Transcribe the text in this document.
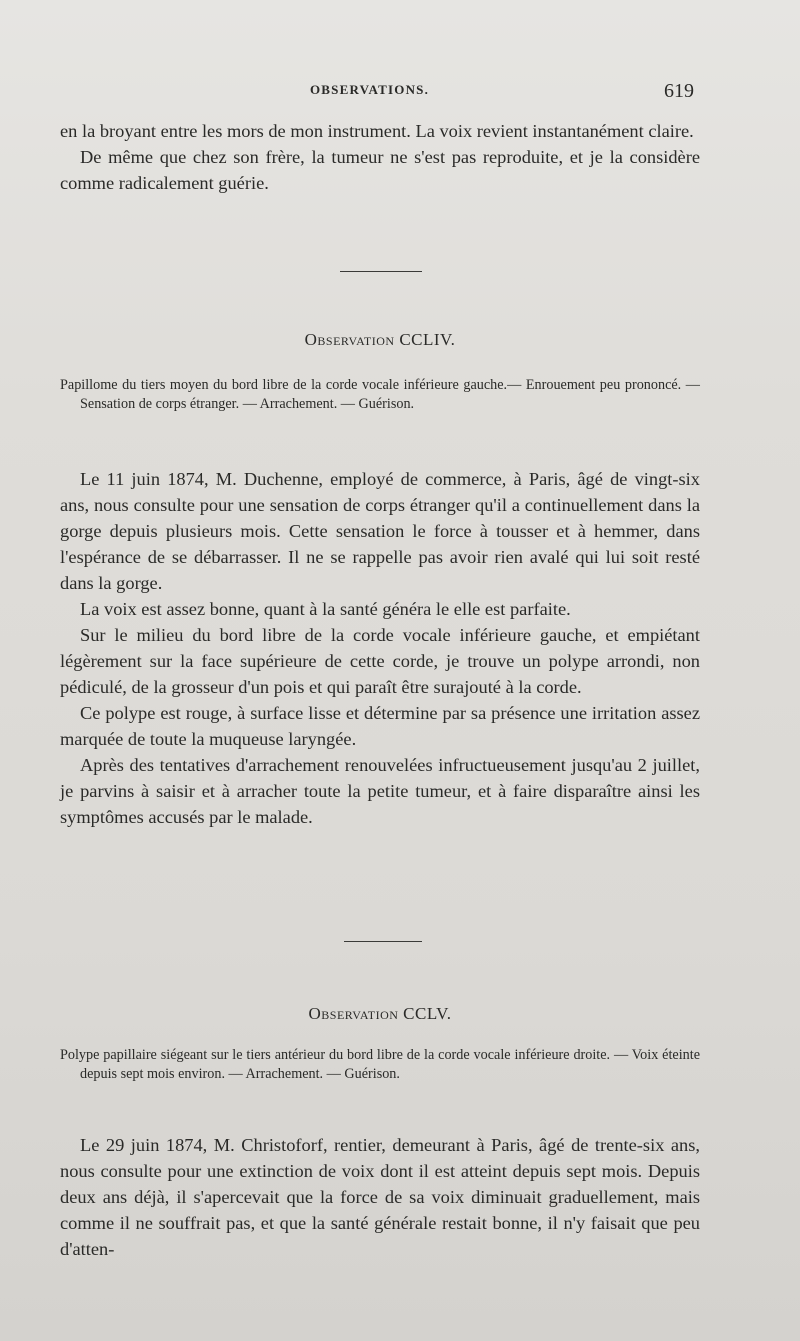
OBSERVATIONS.	619

en la broyant entre les mors de mon instrument. La voix revient instantanément claire.

De même que chez son frère, la tumeur ne s'est pas reproduite, et je la considère comme radicalement guérie.

Observation CCLIV.
Papillome du tiers moyen du bord libre de la corde vocale inférieure gauche.— Enrouement peu prononcé. — Sensation de corps étranger. — Arrachement. — Guérison.

Le 11 juin 1874, M. Duchenne, employé de commerce, à Paris, âgé de vingt-six ans, nous consulte pour une sensation de corps étranger qu'il a continuellement dans la gorge depuis plusieurs mois. Cette sensation le force à tousser et à hemmer, dans l'espérance de se débarrasser. Il ne se rappelle pas avoir rien avalé qui lui soit resté dans la gorge.

La voix est assez bonne, quant à la santé généra le elle est parfaite.

Sur le milieu du bord libre de la corde vocale inférieure gauche, et empiétant légèrement sur la face supérieure de cette corde, je trouve un polype arrondi, non pédiculé, de la grosseur d'un pois et qui paraît être surajouté à la corde.

Ce polype est rouge, à surface lisse et détermine par sa présence une irritation assez marquée de toute la muqueuse laryngée.

Après des tentatives d'arrachement renouvelées infructueusement jusqu'au 2 juillet, je parvins à saisir et à arracher toute la petite tumeur, et à faire disparaître ainsi les symptômes accusés par le malade.

Observation CCLV.
Polype papillaire siégeant sur le tiers antérieur du bord libre de la corde vocale inférieure droite. — Voix éteinte depuis sept mois environ. — Arrachement. — Guérison.

Le 29 juin 1874, M. Christoforf, rentier, demeurant à Paris, âgé de trente-six ans, nous consulte pour une extinction de voix dont il est atteint depuis sept mois. Depuis deux ans déjà, il s'apercevait que la force de sa voix diminuait graduellement, mais comme il ne souffrait pas, et que la santé générale restait bonne, il n'y faisait que peu d'atten-
